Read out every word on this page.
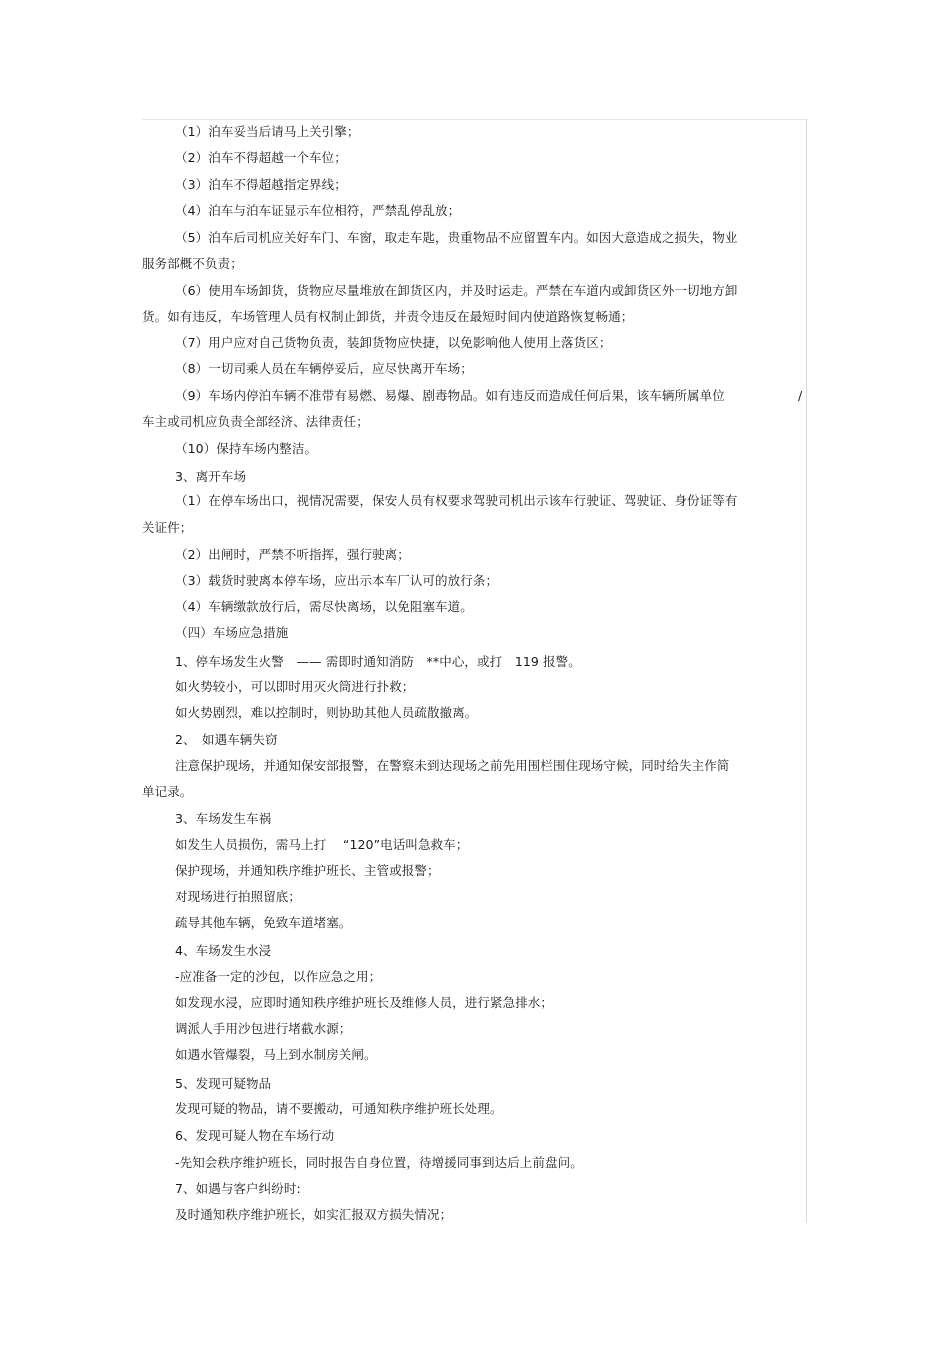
（1）泊车妥当后请马上关引擎；
（2）泊车不得超越一个车位；
（3）泊车不得超越指定界线；
（4）泊车与泊车证显示车位相符，严禁乱停乱放；
（5）泊车后司机应关好车门、车窗，取走车匙，贵重物品不应留置车内。如因大意造成之损失，物业
服务部概不负责；
（6）使用车场卸货，货物应尽量堆放在卸货区内，并及时运走。严禁在车道内或卸货区外一切地方卸
货。如有违反，车场管理人员有权制止卸货，并责令违反在最短时间内使道路恢复畅通；
（7）用户应对自己货物负责，装卸货物应快捷，以免影响他人使用上落货区；
（8）一切司乘人员在车辆停妥后，应尽快离开车场；
（9）车场内停泊车辆不准带有易燃、易爆、剧毒物品。如有违反而造成任何后果，该车辆所属单位	/
车主或司机应负责全部经济、法律责任；
（10）保持车场内整洁。
3、离开车场
（1）在停车场出口，视情况需要，保安人员有权要求驾驶司机出示该车行驶证、驾驶证、身份证等有
关证件；
（2）出闸时，严禁不听指挥，强行驶离；
（3）载货时驶离本停车场，应出示本车厂认可的放行条；
（4）车辆缴款放行后，需尽快离场，以免阻塞车道。
（四）车场应急措施
1、停车场发生火警　—— 需即时通知消防　**中心，或打　119 报警。
如火势较小，可以即时用灭火筒进行扑救；
如火势剧烈，难以控制时，则协助其他人员疏散撤离。
2、　如遇车辆失窃
注意保护现场，并通知保安部报警，在警察未到达现场之前先用围栏围住现场守候，同时给失主作简
单记录。
3、车场发生车祸
如发生人员损伤，需马上打　 “120”电话叫急救车；
保护现场，并通知秩序维护班长、主管或报警；
对现场进行拍照留底；
疏导其他车辆，免致车道堵塞。
4、车场发生水浸
-应准备一定的沙包，以作应急之用；
如发现水浸，应即时通知秩序维护班长及维修人员，进行紧急排水；
调派人手用沙包进行堵截水源；
如遇水管爆裂，马上到水制房关闸。
5、发现可疑物品
发现可疑的物品，请不要搬动，可通知秩序维护班长处理。
6、发现可疑人物在车场行动
-先知会秩序维护班长，同时报告自身位置，待增援同事到达后上前盘问。
7、如遇与客户纠纷时:
及时通知秩序维护班长，如实汇报双方损失情况；
